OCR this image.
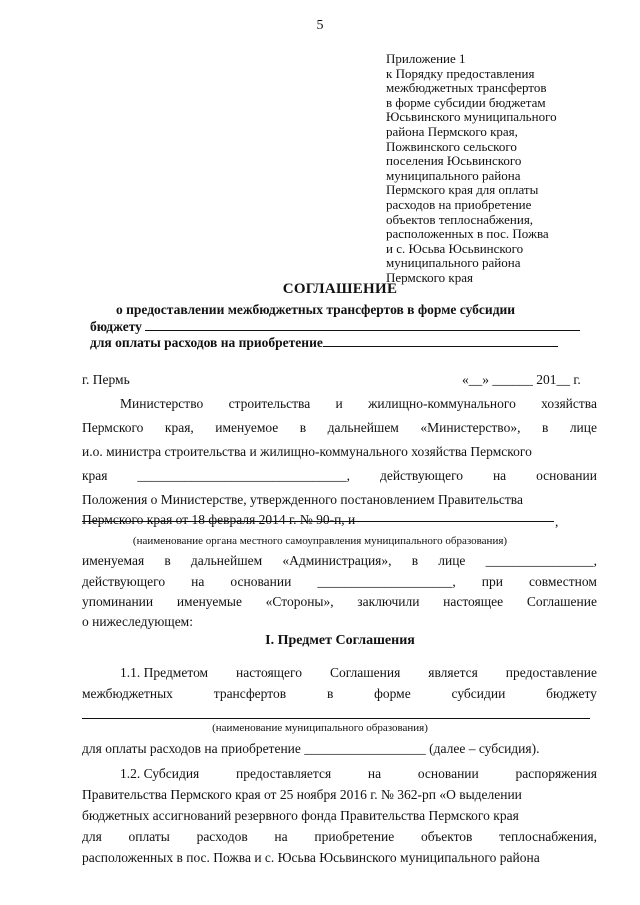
5
Приложение 1
к Порядку предоставления
межбюджетных трансфертов
в форме субсидии бюджетам
Юсьвинского муниципального
района Пермского края,
Пожвинского сельского
поселения Юсьвинского
муниципального района
Пермского края для оплаты
расходов на приобретение
объектов теплоснабжения,
расположенных в пос. Пожва
и с. Юсьва Юсьвинского
муниципального района
Пермского края
СОГЛАШЕНИЕ
о предоставлении межбюджетных трансфертов в форме субсидии
бюджету
для оплаты расходов на приобретение
г. Пермь	«__» ______ 201__ г.
Министерство строительства и жилищно-коммунального хозяйства
Пермского края, именуемое в дальнейшем «Министерство», в лице
и.о. министра строительства и жилищно-коммунального хозяйства Пермского
края _______________________________, действующего на основании
Положения о Министерстве, утвержденного постановлением Правительства
Пермского края от 18 февраля 2014 г. № 90-п, и	,
(наименование органа местного самоуправления муниципального образования)
именуемая в дальнейшем «Администрация», в лице ________________,
действующего на основании ____________________, при совместном
упоминании именуемые «Стороны», заключили настоящее Соглашение
о нижеследующем:
I. Предмет Соглашения
1.1. Предметом настоящего Соглашения является предоставление
межбюджетных	трансфертов	в	форме	субсидии	бюджету
(наименование муниципального образования)
для оплаты расходов на приобретение __________________ (далее – субсидия).
1.2. Субсидия	предоставляется	на	основании	распоряжения
Правительства Пермского края от 25 ноября 2016 г. № 362-рп «О выделении
бюджетных ассигнований резервного фонда Правительства Пермского края
для оплаты расходов на приобретение объектов теплоснабжения,
расположенных в пос. Пожва и с. Юсьва Юсьвинского муниципального района
